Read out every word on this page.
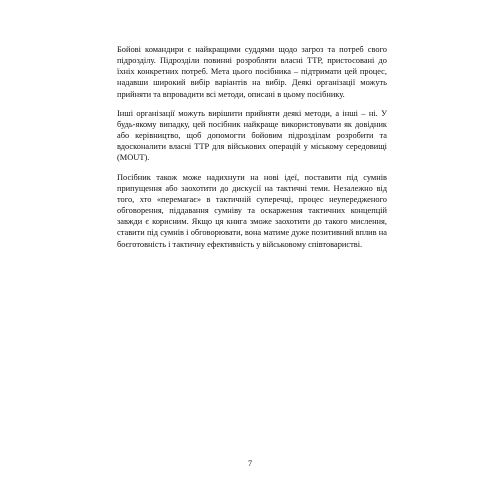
Бойові командири є найкращими суддями щодо загроз та потреб свого підрозділу. Підрозділи повинні розробляти власні ТТР, пристосовані до їхніх конкретних потреб. Мета цього посібника – підтримати цей процес, надавши широкий вибір варіантів на вибір. Деякі організації можуть прийняти та впровадити всі методи, описані в цьому посібнику.

Інші організації можуть вирішити прийняти деякі методи, а інші – ні. У будь-якому випадку, цей посібник найкраще використовувати як довідник або керівництво, щоб допомогти бойовим підрозділам розробити та вдосконалити власні ТТР для військових операцій у міському середовищі (MOUT).

Посібник також може надихнути на нові ідеї, поставити під сумнів припущення або заохотити до дискусії на тактичні теми. Незалежно від того, хто «перемагає» в тактичній суперечці, процес неупередженого обговорення, піддавання сумніву та оскарження тактичних концепцій завжди є корисним. Якщо ця книга зможе заохотити до такого мислення, ставити під сумнів і обговорювати, вона матиме дуже позитивний вплив на боєготовність і тактичну ефективність у військовому співтоваристві.

7
